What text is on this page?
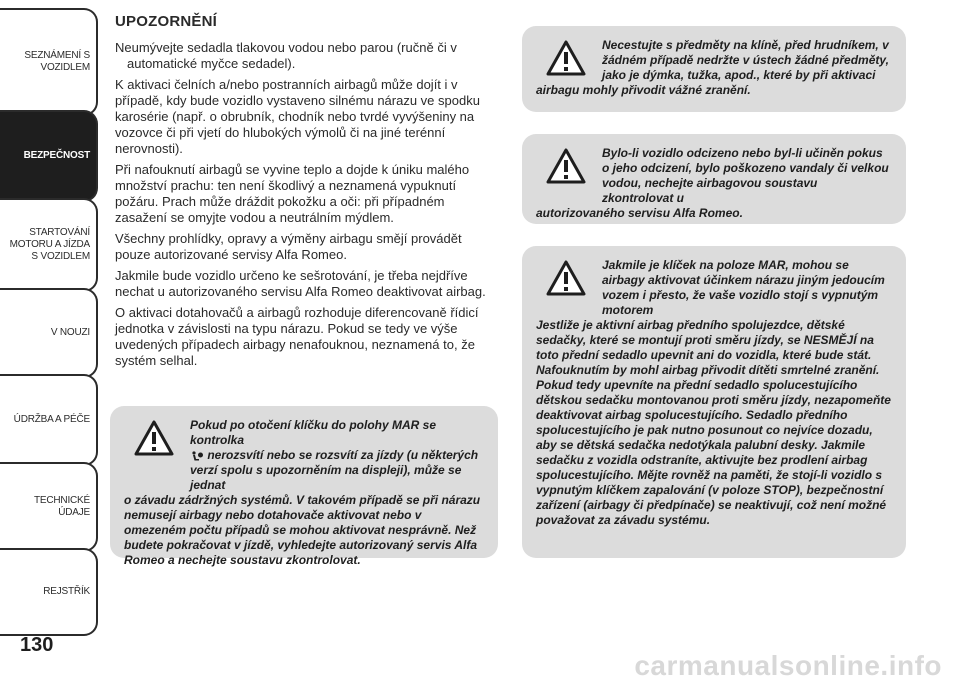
SEZNÁMENÍ S VOZIDLEM
BEZPEČNOST
STARTOVÁNÍ MOTORU A JÍZDA S VOZIDLEM
V NOUZI
ÚDRŽBA A PÉČE
TECHNICKÉ ÚDAJE
REJSTŘÍK
130
UPOZORNĚNÍ

Neumývejte sedadla tlakovou vodou nebo parou (ručně či v automatické myčce sedadel).

K aktivaci čelních a/nebo postranních airbagů může dojít i v případě, kdy bude vozidlo vystaveno silnému nárazu ve spodku karosérie (např. o obrubník, chodník nebo tvrdé vyvýšeniny na vozovce či při vjetí do hlubokých výmolů či na jiné terénní nerovnosti).

Při nafouknutí airbagů se vyvine teplo a dojde k úniku malého množství prachu: ten není škodlivý a neznamená vypuknutí požáru. Prach může dráždit pokožku a oči: při případném zasažení se omyjte vodou a neutrálním mýdlem.

Všechny prohlídky, opravy a výměny airbagu smějí provádět pouze autorizované servisy Alfa Romeo.

Jakmile bude vozidlo určeno ke sešrotování, je třeba nejdříve nechat u autorizovaného servisu Alfa Romeo deaktivovat airbag.

O aktivaci dotahovačů a airbagů rozhoduje diferencovaně řídicí jednotka v závislosti na typu nárazu. Pokud se tedy ve výše uvedených případech airbagy nenafouknou, neznamená to, že systém selhal.

Pokud po otočení klíčku do polohy MAR se kontrolka
nerozsvítí nebo se rozsvítí za jízdy (u některých verzí spolu s upozorněním na displeji), může se jednat
o závadu zádržných systémů. V takovém případě se při nárazu nemusejí airbagy nebo dotahovače aktivovat nebo v omezeném počtu případů se mohou aktivovat nesprávně. Než budete pokračovat v jízdě, vyhledejte autorizovaný servis Alfa Romeo a nechejte soustavu zkontrolovat.
Necestujte s předměty na klíně, před hrudníkem, v žádném případě nedržte v ústech žádné předměty, jako je dýmka, tužka, apod., které by při aktivaci
airbagu mohly přivodit vážné zranění.
Bylo-li vozidlo odcizeno nebo byl-li učiněn pokus o jeho odcizení, bylo poškozeno vandaly či velkou vodou, nechejte airbagovou soustavu zkontrolovat u
autorizovaného servisu Alfa Romeo.
Jakmile je klíček na poloze MAR, mohou se airbagy aktivovat účinkem nárazu jiným jedoucím vozem i přesto, že vaše vozidlo stojí s vypnutým motorem
Jestliže je aktivní airbag předního spolujezdce, dětské sedačky, které se montují proti směru jízdy, se NESMĚJÍ na toto přední sedadlo upevnit ani do vozidla, které bude stát. Nafouknutím by mohl airbag přivodit dítěti smrtelné zranění. Pokud tedy upevníte na přední sedadlo spolucestujícího dětskou sedačku montovanou proti směru jízdy, nezapomeňte deaktivovat airbag spolucestujícího. Sedadlo předního spolucestujícího je pak nutno posunout co nejvíce dozadu, aby se dětská sedačka nedotýkala palubní desky. Jakmile sedačku z vozidla odstraníte, aktivujte bez prodlení airbag spolucestujícího. Mějte rovněž na paměti, že stojí-li vozidlo s vypnutým klíčkem zapalování (v poloze STOP), bezpečnostní zařízení (airbagy či předpínače) se neaktivují, což není možné považovat za závadu systému.
carmanualsonline.info
